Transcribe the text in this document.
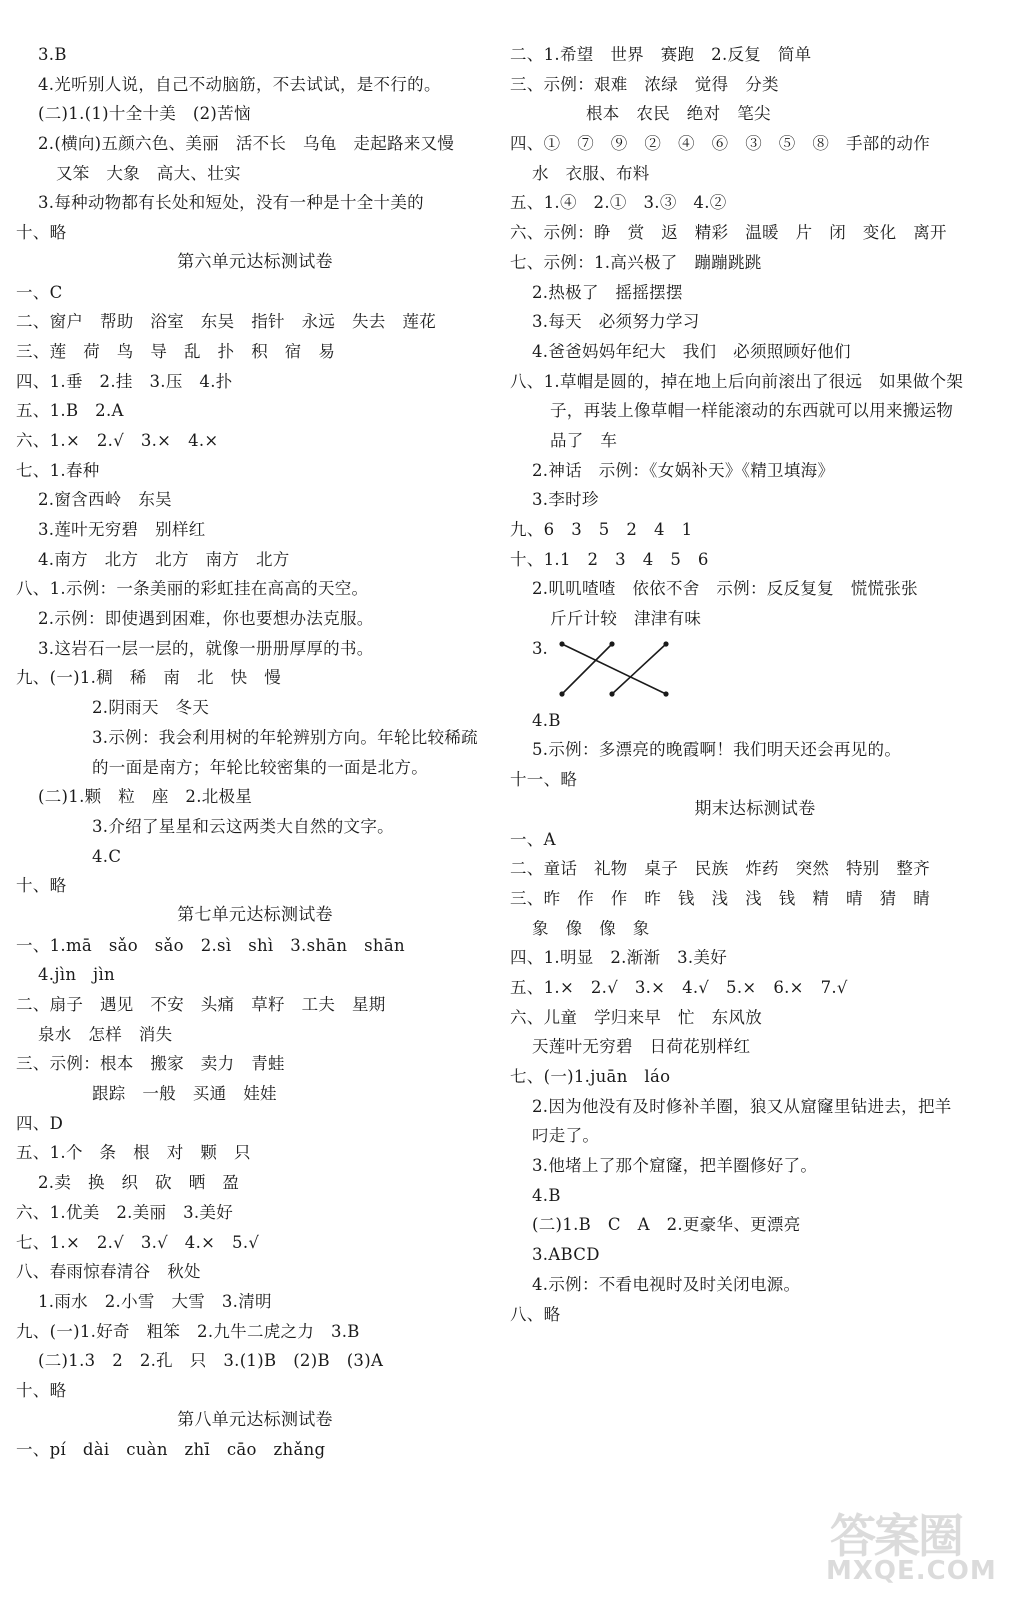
3.B
4.光听别人说，自己不动脑筋，不去试试，是不行的。
(二)1.(1)十全十美　(2)苦恼
2.(横向)五颜六色、美丽　活不长　乌龟　走起路来又慢
又笨　大象　高大、壮实
3.每种动物都有长处和短处，没有一种是十全十美的
十、略
第六单元达标测试卷
一、C
二、窗户　帮助　浴室　东吴　指针　永远　失去　莲花
三、莲　荷　鸟　导　乱　扑　积　宿　易
四、1.垂　2.挂　3.压　4.扑
五、1.B　2.A
六、1.×　2.√　3.×　4.×
七、1.春种
2.窗含西岭　东吴
3.莲叶无穷碧　别样红
4.南方　北方　北方　南方　北方
八、1.示例：一条美丽的彩虹挂在高高的天空。
2.示例：即使遇到困难，你也要想办法克服。
3.这岩石一层一层的，就像一册册厚厚的书。
九、(一)1.稠　稀　南　北　快　慢
2.阴雨天　冬天
3.示例：我会利用树的年轮辨别方向。年轮比较稀疏
的一面是南方；年轮比较密集的一面是北方。
(二)1.颗　粒　座　2.北极星
3.介绍了星星和云这两类大自然的文字。
4.C
十、略
第七单元达标测试卷
一、1.mā　sǎo　sǎo　2.sì　shì　3.shān　shān
4.jìn　jìn
二、扇子　遇见　不安　头痛　草籽　工夫　星期
泉水　怎样　消失
三、示例：根本　搬家　卖力　青蛙
跟踪　一般　买通　娃娃
四、D
五、1.个　条　根　对　颗　只
2.卖　换　织　砍　晒　盈
六、1.优美　2.美丽　3.美好
七、1.×　2.√　3.√　4.×　5.√
八、春雨惊春清谷　秋处
1.雨水　2.小雪　大雪　3.清明
九、(一)1.好奇　粗笨　2.九牛二虎之力　3.B
(二)1.3　2　2.孔　只　3.(1)B　(2)B　(3)A
十、略
第八单元达标测试卷
一、pí　dài　cuàn　zhī　cāo　zhǎng
二、1.希望　世界　赛跑　2.反复　简单
三、示例：艰难　浓绿　觉得　分类
根本　农民　绝对　笔尖
四、①　⑦　⑨　②　④　⑥　③　⑤　⑧　手部的动作
水　衣服、布料
五、1.④　2.①　3.③　4.②
六、示例：睁　赏　返　精彩　温暖　片　闭　变化　离开
七、示例：1.高兴极了　蹦蹦跳跳
2.热极了　摇摇摆摆
3.每天　必须努力学习
4.爸爸妈妈年纪大　我们　必须照顾好他们
八、1.草帽是圆的，掉在地上后向前滚出了很远　如果做个架
子，再装上像草帽一样能滚动的东西就可以用来搬运物
品了　车
2.神话　示例：《女娲补天》《精卫填海》
3.李时珍
九、6　3　5　2　4　1
十、1.1　2　3　4　5　6
2.叽叽喳喳　依依不舍　示例：反反复复　慌慌张张
斤斤计较　津津有味
3.
4.B
5.示例：多漂亮的晚霞啊！我们明天还会再见的。
十一、略
期末达标测试卷
一、A
二、童话　礼物　桌子　民族　炸药　突然　特别　整齐
三、昨　作　作　昨　钱　浅　浅　钱　精　晴　猜　睛
象　像　像　象
四、1.明显　2.渐渐　3.美好
五、1.×　2.√　3.×　4.√　5.×　6.×　7.√
六、儿童　学归来早　忙　东风放
天莲叶无穷碧　日荷花别样红
七、(一)1.juān　láo
2.因为他没有及时修补羊圈，狼又从窟窿里钻进去，把羊
叼走了。
3.他堵上了那个窟窿，把羊圈修好了。
4.B
(二)1.B　C　A　2.更豪华、更漂亮
3.ABCD
4.示例：不看电视时及时关闭电源。
八、略
答案圈
MXQE.COM
